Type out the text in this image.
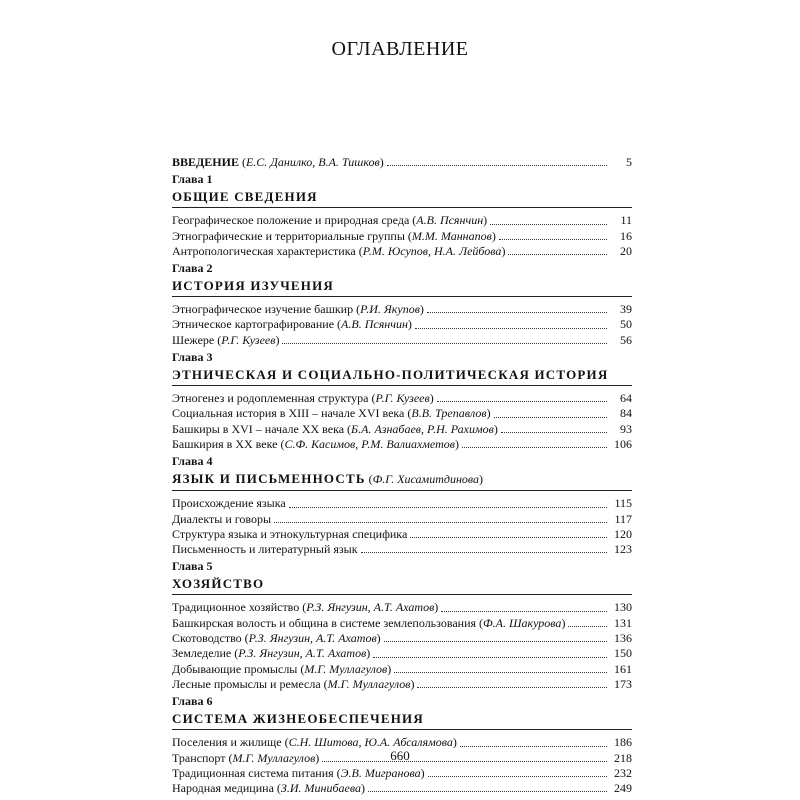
ОГЛАВЛЕНИЕ
ВВЕДЕНИЕ (Е.С. Данилко, В.А. Тишков)	5
Глава 1
ОБЩИЕ СВЕДЕНИЯ
Географическое положение и природная среда (А.В. Псянчин)	11
Этнографические и территориальные группы (М.М. Маннапов)	16
Антропологическая характеристика (Р.М. Юсупов, Н.А. Лейбова)	20
Глава 2
ИСТОРИЯ ИЗУЧЕНИЯ
Этнографическое изучение башкир (Р.И. Якупов)	39
Этническое картографирование (А.В. Псянчин)	50
Шежере (Р.Г. Кузеев)	56
Глава 3
ЭТНИЧЕСКАЯ И СОЦИАЛЬНО-ПОЛИТИЧЕСКАЯ ИСТОРИЯ
Этногенез и родоплеменная структура (Р.Г. Кузеев)	64
Социальная история в XIII – начале XVI века (В.В. Трепавлов)	84
Башкиры в XVI – начале XX века (Б.А. Азнабаев, Р.Н. Рахимов)	93
Башкирия в XX веке (С.Ф. Касимов, Р.М. Валиахметов)	106
Глава 4
ЯЗЫК И ПИСЬМЕННОСТЬ (Ф.Г. Хисамитдинова)
Происхождение языка	115
Диалекты и говоры	117
Структура языка и этнокультурная специфика	120
Письменность и литературный язык	123
Глава 5
ХОЗЯЙСТВО
Традиционное хозяйство (Р.З. Янгузин, А.Т. Ахатов)	130
Башкирская волость и община в системе землепользования (Ф.А. Шакурова)	131
Скотоводство (Р.З. Янгузин, А.Т. Ахатов)	136
Земледелие (Р.З. Янгузин, А.Т. Ахатов)	150
Добывающие промыслы (М.Г. Муллагулов)	161
Лесные промыслы и ремесла (М.Г. Муллагулов)	173
Глава 6
СИСТЕМА ЖИЗНЕОБЕСПЕЧЕНИЯ
Поселения и жилище (С.Н. Шитова, Ю.А. Абсалямова)	186
Транспорт (М.Г. Муллагулов)	218
Традиционная система питания (Э.В. Мигранова)	232
Народная медицина (З.И. Минибаева)	249
660
